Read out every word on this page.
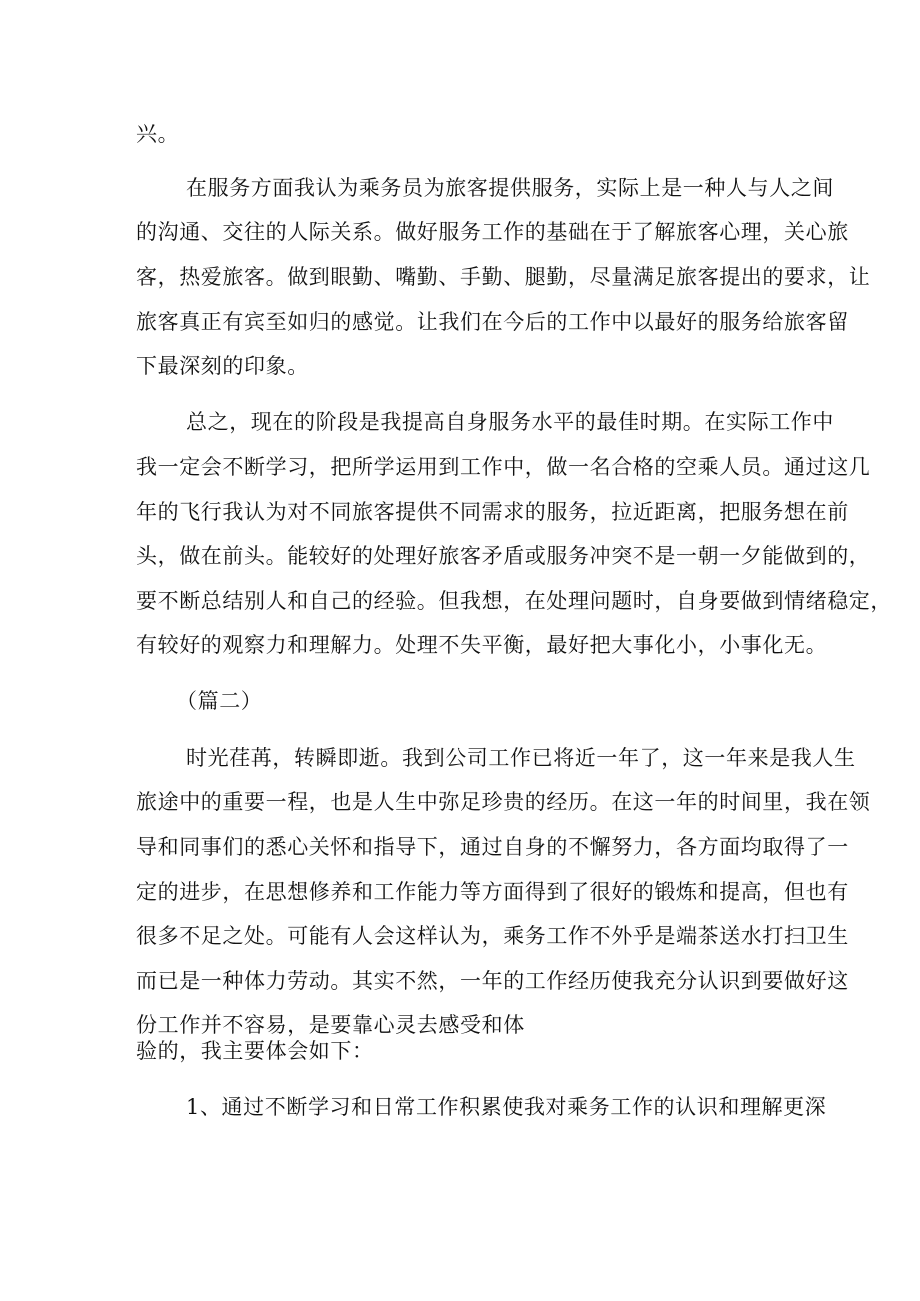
兴。
在服务方面我认为乘务员为旅客提供服务，实际上是一种人与人之间
的沟通、交往的人际关系。做好服务工作的基础在于了解旅客心理，关心旅
客，热爱旅客。做到眼勤、嘴勤、手勤、腿勤，尽量满足旅客提出的要求，让
旅客真正有宾至如归的感觉。让我们在今后的工作中以最好的服务给旅客留
下最深刻的印象。
总之，现在的阶段是我提高自身服务水平的最佳时期。在实际工作中
我一定会不断学习，把所学运用到工作中，做一名合格的空乘人员。通过这几
年的飞行我认为对不同旅客提供不同需求的服务，拉近距离，把服务想在前
头，做在前头。能较好的处理好旅客矛盾或服务冲突不是一朝一夕能做到的，
要不断总结别人和自己的经验。但我想，在处理问题时，自身要做到情绪稳定，
有较好的观察力和理解力。处理不失平衡，最好把大事化小，小事化无。
（篇二）
时光荏苒，转瞬即逝。我到公司工作已将近一年了，这一年来是我人生
旅途中的重要一程，也是人生中弥足珍贵的经历。在这一年的时间里，我在领
导和同事们的悉心关怀和指导下，通过自身的不懈努力，各方面均取得了一
定的进步，在思想修养和工作能力等方面得到了很好的锻炼和提高，但也有
很多不足之处。可能有人会这样认为，乘务工作不外乎是端茶送水打扫卫生
而已是一种体力劳动。其实不然，一年的工作经历使我充分认识到要做好这
份工作并不容易，是要靠心灵去感受和体
验的，我主要体会如下：
1、通过不断学习和日常工作积累使我对乘务工作的认识和理解更深
